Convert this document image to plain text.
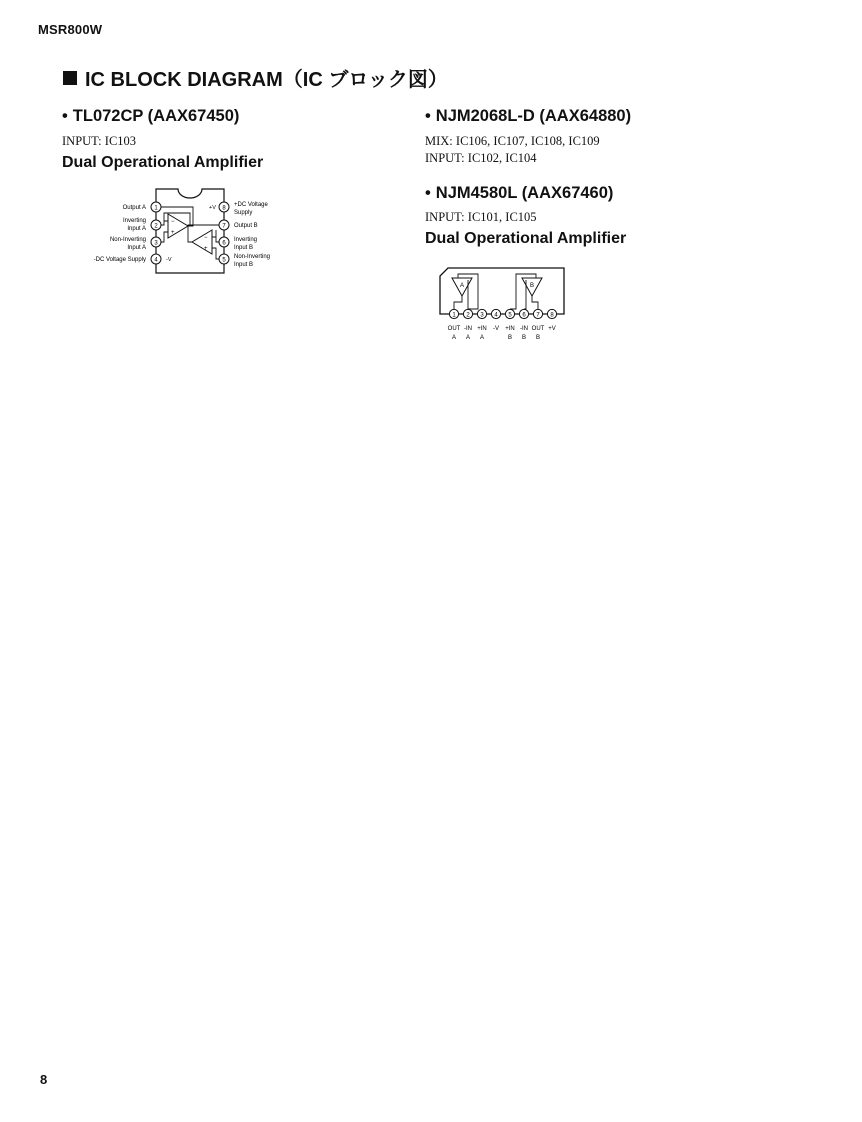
MSR800W
IC BLOCK DIAGRAM（IC ブロック図）
• TL072CP (AAX67450)
INPUT: IC103
Dual Operational Amplifier
1
2
3
4
8
7
6
5
−
+
−
+
+V
-V
Output A
Inverting
Input A
Non-Inverting
Input A
-DC Voltage Supply
+DC Voltage
Supply
Output B
Inverting
Input B
Non-Inverting
Input B
• NJM2068L-D (AAX64880)
MIX: IC106, IC107, IC108, IC109
INPUT: IC102, IC104
• NJM4580L (AAX67460)
INPUT: IC101, IC105
Dual Operational Amplifier
A	B
1 2 3 4 5 6 7 8
OUT -IN +IN -V +IN -IN OUT +V
A A A	B B B
8
